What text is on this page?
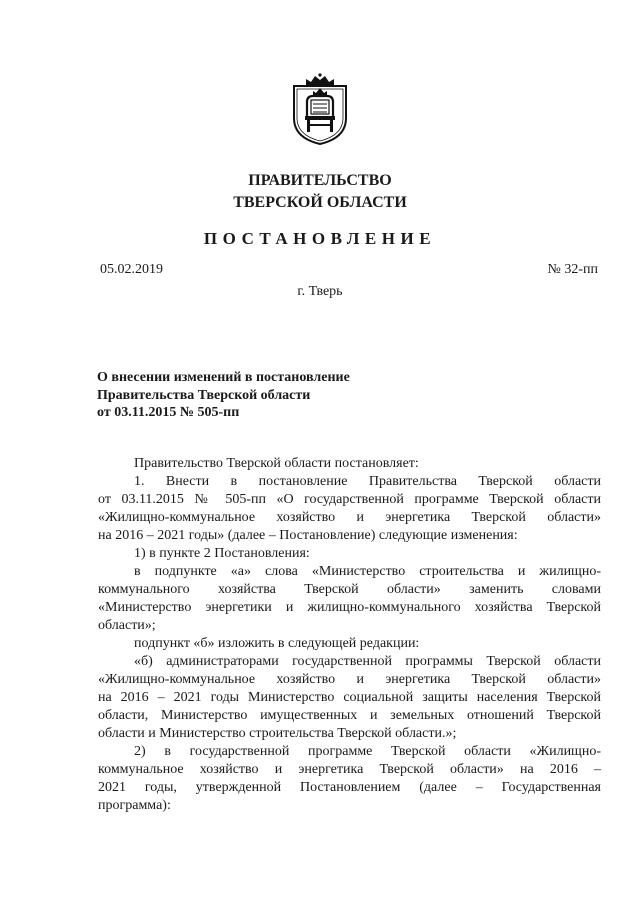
ПРАВИТЕЛЬСТВО
ТВЕРСКОЙ ОБЛАСТИ
ПОСТАНОВЛЕНИЕ
05.02.2019	№ 32-пп
г. Тверь
О внесении изменений в постановление
Правительства Тверской области
от 03.11.2015 № 505-пп
Правительство Тверской области постановляет:
1. Внести в постановление Правительства Тверской области
от 03.11.2015 № 505-пп «О государственной программе Тверской области
«Жилищно-коммунальное хозяйство и энергетика Тверской области»
на 2016 – 2021 годы» (далее – Постановление) следующие изменения:
1) в пункте 2 Постановления:
в подпункте «а» слова «Министерство строительства и жилищно-
коммунального хозяйства Тверской области» заменить словами
«Министерство энергетики и жилищно-коммунального хозяйства Тверской
области»;
подпункт «б» изложить в следующей редакции:
«б) администраторами государственной программы Тверской области
«Жилищно-коммунальное хозяйство и энергетика Тверской области»
на 2016 – 2021 годы Министерство социальной защиты населения Тверской
области, Министерство имущественных и земельных отношений Тверской
области и Министерство строительства Тверской области.»;
2) в государственной программе Тверской области «Жилищно-
коммунальное хозяйство и энергетика Тверской области» на 2016 –
2021 годы, утвержденной Постановлением (далее – Государственная
программа):
